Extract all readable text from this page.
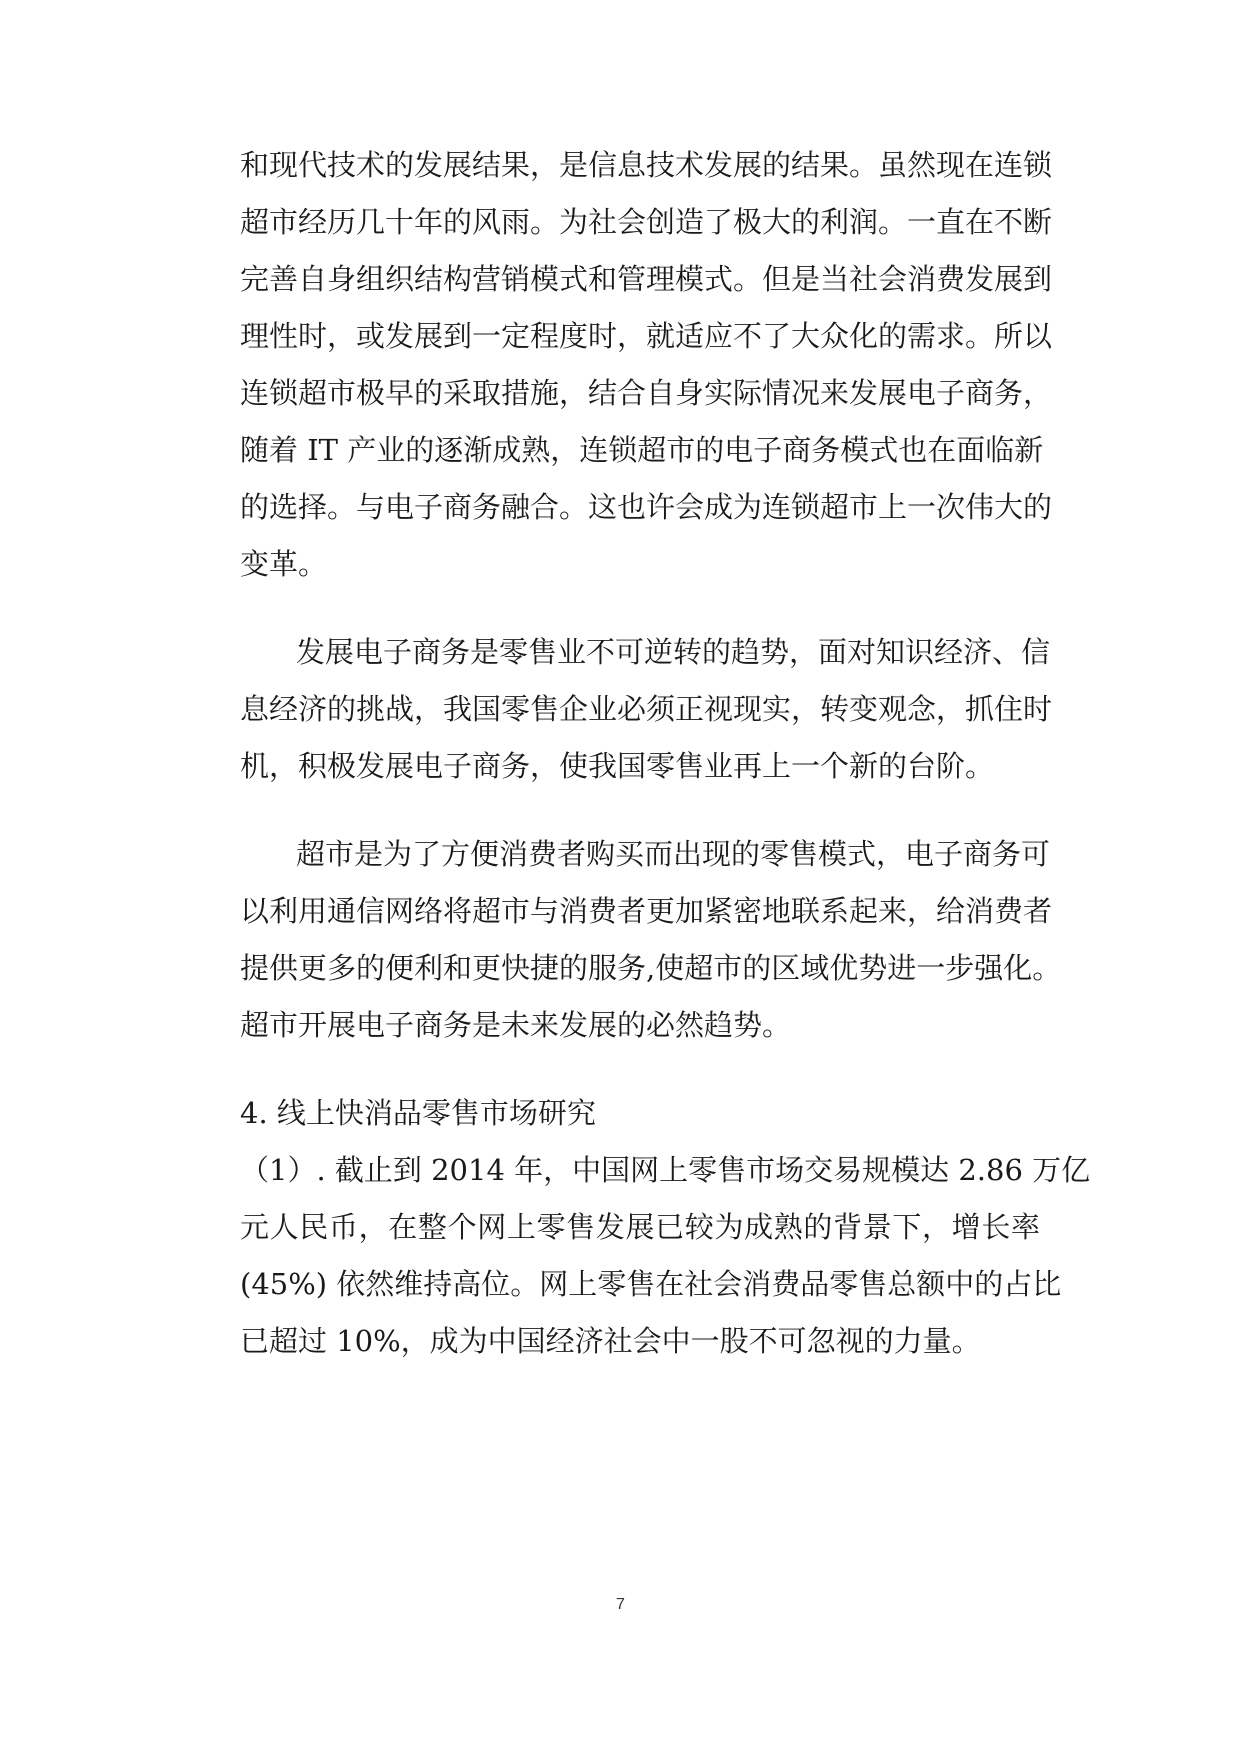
和现代技术的发展结果，是信息技术发展的结果。虽然现在连锁
超市经历几十年的风雨。为社会创造了极大的利润。一直在不断
完善自身组织结构营销模式和管理模式。但是当社会消费发展到
理性时，或发展到一定程度时，就适应不了大众化的需求。所以
连锁超市极早的采取措施，结合自身实际情况来发展电子商务，
随着 IT 产业的逐渐成熟，连锁超市的电子商务模式也在面临新
的选择。与电子商务融合。这也许会成为连锁超市上一次伟大的
变革。
发展电子商务是零售业不可逆转的趋势，面对知识经济、信
息经济的挑战，我国零售企业必须正视现实，转变观念，抓住时
机，积极发展电子商务，使我国零售业再上一个新的台阶。
超市是为了方便消费者购买而出现的零售模式，电子商务可
以利用通信网络将超市与消费者更加紧密地联系起来，给消费者
提供更多的便利和更快捷的服务,使超市的区域优势进一步强化。
超市开展电子商务是未来发展的必然趋势。
4. 线上快消品零售市场研究
（1）. 截止到 2014 年，中国网上零售市场交易规模达 2.86 万亿
元人民币，在整个网上零售发展已较为成熟的背景下，增长率
(45%) 依然维持高位。网上零售在社会消费品零售总额中的占比
已超过 10%，成为中国经济社会中一股不可忽视的力量。
7
